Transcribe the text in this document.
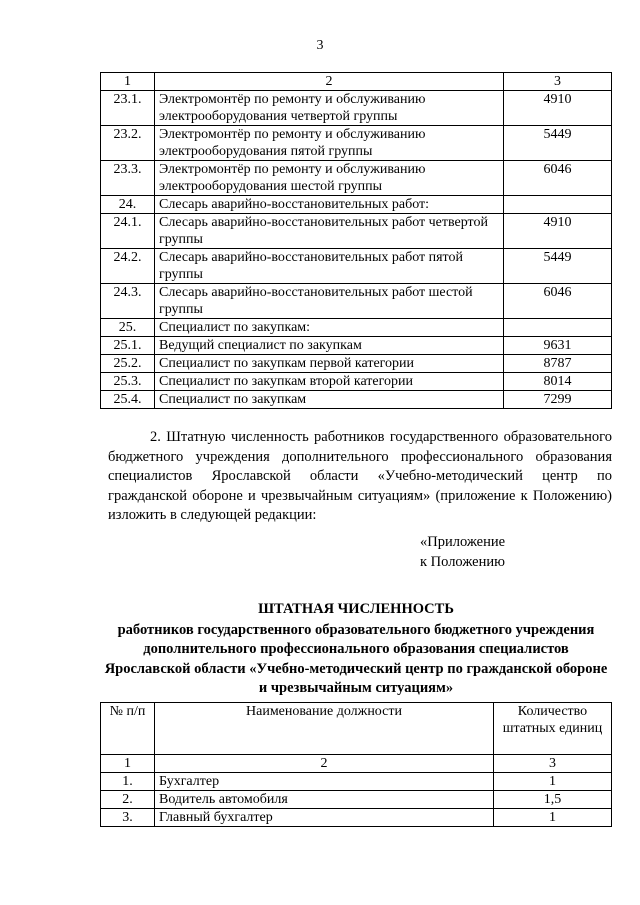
3
1	2	3
23.1.	Электромонтёр по ремонту и обслуживанию электрооборудования четвертой группы	4910
23.2.	Электромонтёр по ремонту и обслуживанию электрооборудования пятой группы	5449
23.3.	Электромонтёр по ремонту и обслуживанию электрооборудования шестой группы	6046
24.	Слесарь аварийно-восстановительных работ:	
24.1.	Слесарь аварийно-восстановительных работ четвертой группы	4910
24.2.	Слесарь аварийно-восстановительных работ пятой группы	5449
24.3.	Слесарь аварийно-восстановительных работ шестой группы	6046
25.	Специалист по закупкам:	
25.1.	Ведущий специалист по закупкам	9631
25.2.	Специалист по закупкам первой категории	8787
25.3.	Специалист по закупкам второй категории	8014
25.4.	Специалист по закупкам	7299
2. Штатную численность работников государственного образовательного бюджетного учреждения дополнительного профессионального образования специалистов Ярославской области «Учебно-методический центр по гражданской обороне и чрезвычайным ситуациям» (приложение к Положению) изложить в следующей редакции:
«Приложение
к Положению
ШТАТНАЯ ЧИСЛЕННОСТЬ
работников государственного образовательного бюджетного учреждения дополнительного профессионального образования специалистов Ярославской области «Учебно-методический центр по гражданской обороне и чрезвычайным ситуациям»
№ п/п	Наименование должности	Количество штатных единиц
1	2	3
1.	Бухгалтер	1
2.	Водитель автомобиля	1,5
3.	Главный бухгалтер	1
